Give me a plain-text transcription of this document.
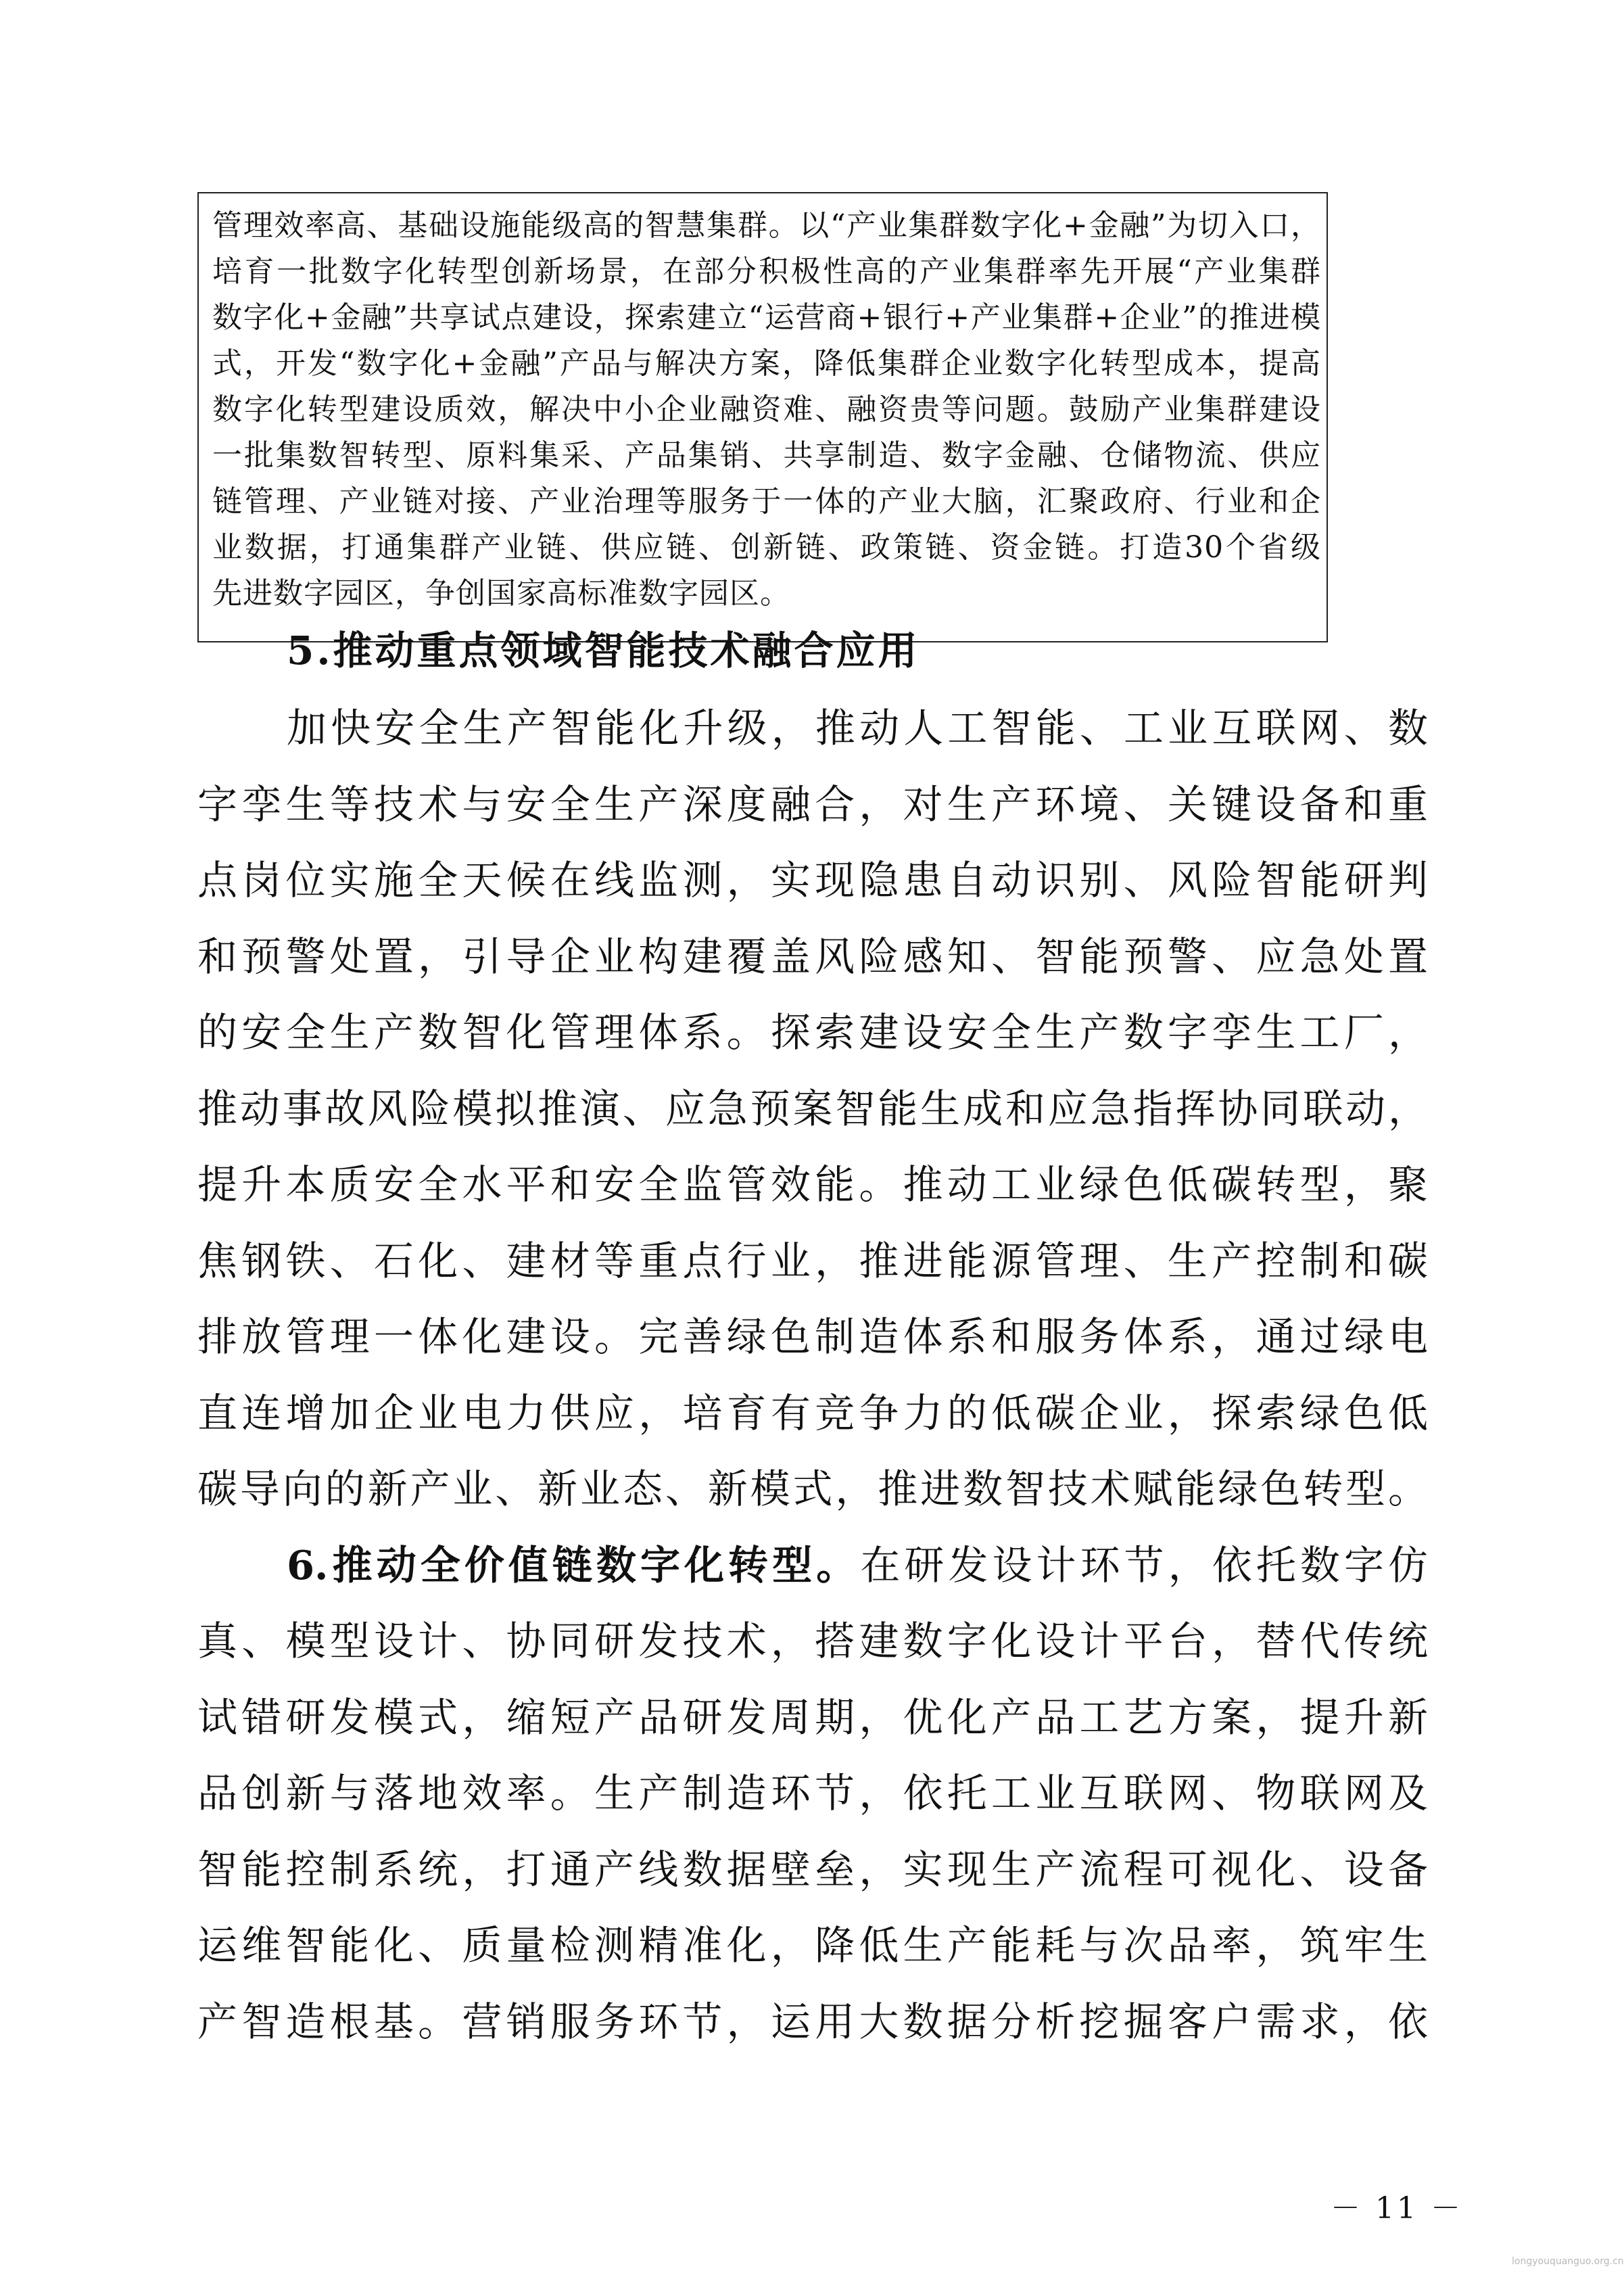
管理效率高、基础设施能级高的智慧集群。以“产业集群数字化+金融”为切入口，
培育一批数字化转型创新场景，在部分积极性高的产业集群率先开展“产业集群
数字化+金融”共享试点建设，探索建立“运营商+银行+产业集群+企业”的推进模
式，开发“数字化+金融”产品与解决方案，降低集群企业数字化转型成本，提高
数字化转型建设质效，解决中小企业融资难、融资贵等问题。鼓励产业集群建设
一批集数智转型、原料集采、产品集销、共享制造、数字金融、仓储物流、供应
链管理、产业链对接、产业治理等服务于一体的产业大脑，汇聚政府、行业和企
业数据，打通集群产业链、供应链、创新链、政策链、资金链。打造30个省级
先进数字园区，争创国家高标准数字园区。
5.推动重点领域智能技术融合应用
加快安全生产智能化升级，推动人工智能、工业互联网、数
字孪生等技术与安全生产深度融合，对生产环境、关键设备和重
点岗位实施全天候在线监测，实现隐患自动识别、风险智能研判
和预警处置，引导企业构建覆盖风险感知、智能预警、应急处置
的安全生产数智化管理体系。探索建设安全生产数字孪生工厂，
推动事故风险模拟推演、应急预案智能生成和应急指挥协同联动，
提升本质安全水平和安全监管效能。推动工业绿色低碳转型，聚
焦钢铁、石化、建材等重点行业，推进能源管理、生产控制和碳
排放管理一体化建设。完善绿色制造体系和服务体系，通过绿电
直连增加企业电力供应，培育有竞争力的低碳企业，探索绿色低
碳导向的新产业、新业态、新模式，推进数智技术赋能绿色转型。
6.推动全价值链数字化转型。在研发设计环节，依托数字仿
真、模型设计、协同研发技术，搭建数字化设计平台，替代传统
试错研发模式，缩短产品研发周期，优化产品工艺方案，提升新
品创新与落地效率。生产制造环节，依托工业互联网、物联网及
智能控制系统，打通产线数据壁垒，实现生产流程可视化、设备
运维智能化、质量检测精准化，降低生产能耗与次品率，筑牢生
产智造根基。营销服务环节，运用大数据分析挖掘客户需求，依
－ 11 －
longyouquanguo.org.cn
